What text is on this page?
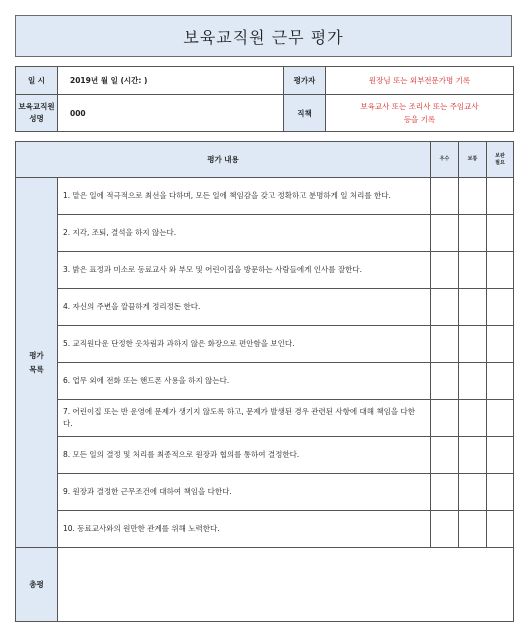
보육교직원 근무 평가
일 시	2019년 월 일 (시간: )	평가자	원장님 또는 외부전문가명 기록
보육교직원 성명	000	직책	보육교사 또는 조리사 또는 주임교사 등을 기록
평가 내용		우수	보통	보완 필요
평가 목록	1. 맡은 일에 적극적으로 최선을 다하며, 모든 일에 책임감을 갖고 정확하고 분명하게 일 처리를 한다.			
	2. 지각, 조퇴, 결석을 하지 않는다.			
	3. 밝은 표정과 미소로 동료교사 와 부모 및 어린이집을 방문하는 사람들에게 인사를 잘한다.			
	4. 자신의 주변을 깔끔하게 정리정돈 한다.			
	5. 교직원다운 단정한 옷차림과 과하지 않은 화장으로 편안함을 보인다.			
	6. 업무 외에 전화 또는 핸드폰 사용을 하지 않는다.			
	7. 어린이집 또는 반 운영에 문제가 생기지 않도록 하고, 문제가 발생된 경우 관련된 사항에 대해 책임을 다한다.			
	8. 모든 일의 결정 및 처리를 최종적으로 원장과 협의를 통하여 결정한다.			
	9. 원장과 결정한 근무조건에 대하여 책임을 다한다.			
	10. 동료교사와의 원만한 관계를 위해 노력한다.			
총평				
